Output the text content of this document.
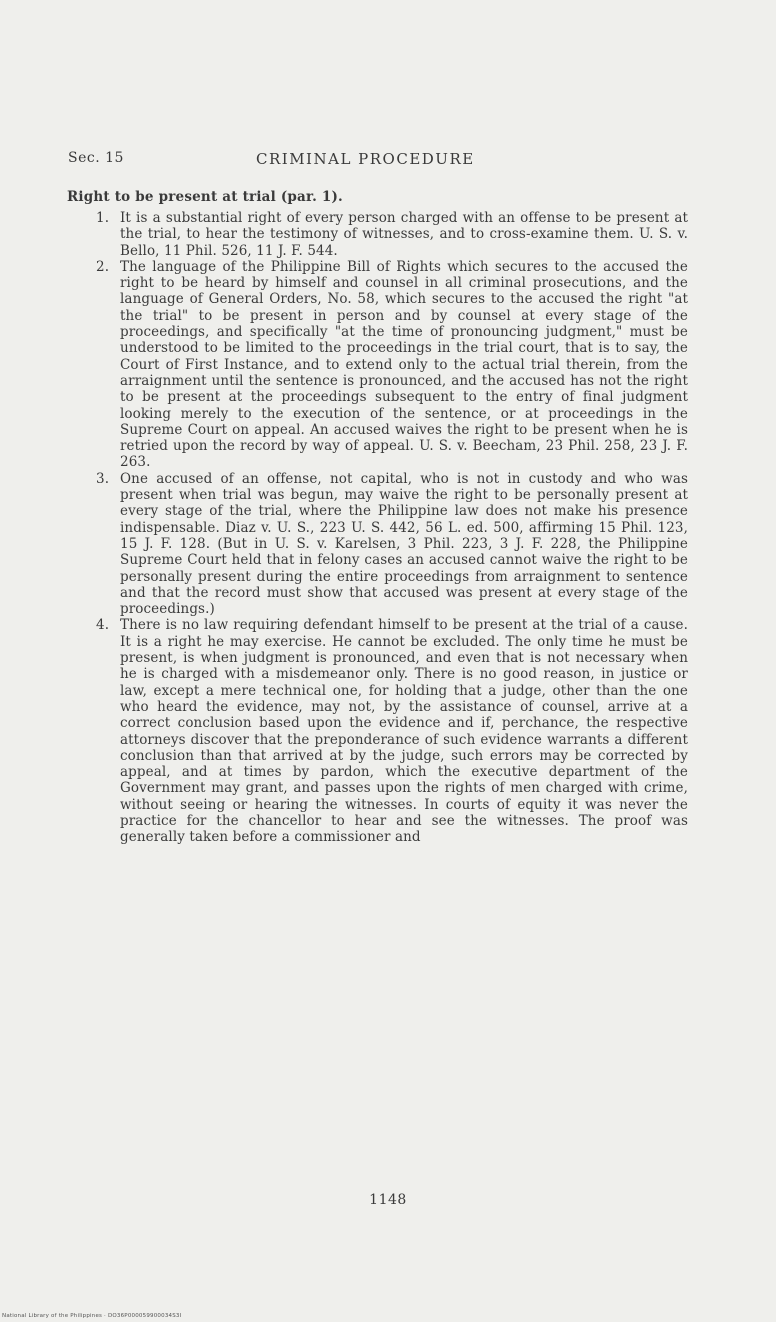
Sec. 15	CRIMINAL PROCEDURE
Right to be present at trial (par. 1).
1. It is a substantial right of every person charged with an offense to be present at the trial, to hear the testimony of witnesses, and to cross-examine them. U. S. v. Bello, 11 Phil. 526, 11 J. F. 544.
2. The language of the Philippine Bill of Rights which secures to the accused the right to be heard by himself and counsel in all criminal prosecutions, and the language of General Orders, No. 58, which secures to the accused the right "at the trial" to be present in person and by counsel at every stage of the proceedings, and specifically "at the time of pronouncing judgment," must be understood to be limited to the proceedings in the trial court, that is to say, the Court of First Instance, and to extend only to the actual trial therein, from the arraignment until the sentence is pronounced, and the accused has not the right to be present at the proceedings subsequent to the entry of final judgment looking merely to the execution of the sentence, or at proceedings in the Supreme Court on appeal. An accused waives the right to be present when he is retried upon the record by way of appeal. U. S. v. Beecham, 23 Phil. 258, 23 J. F. 263.
3. One accused of an offense, not capital, who is not in custody and who was present when trial was begun, may waive the right to be personally present at every stage of the trial, where the Philippine law does not make his presence indispensable. Diaz v. U. S., 223 U. S. 442, 56 L. ed. 500, affirming 15 Phil. 123, 15 J. F. 128. (But in U. S. v. Karelsen, 3 Phil. 223, 3 J. F. 228, the Philippine Supreme Court held that in felony cases an accused cannot waive the right to be personally present during the entire proceedings from arraignment to sentence and that the record must show that accused was present at every stage of the proceedings.)
4. There is no law requiring defendant himself to be present at the trial of a cause. It is a right he may exercise. He cannot be excluded. The only time he must be present, is when judgment is pronounced, and even that is not necessary when he is charged with a misdemeanor only. There is no good reason, in justice or law, except a mere technical one, for holding that a judge, other than the one who heard the evidence, may not, by the assistance of counsel, arrive at a correct conclusion based upon the evidence and if, perchance, the respective attorneys discover that the preponderance of such evidence warrants a different conclusion than that arrived at by the judge, such errors may be corrected by appeal, and at times by pardon, which the executive department of the Government may grant, and passes upon the rights of men charged with crime, without seeing or hearing the witnesses. In courts of equity it was never the practice for the chancellor to hear and see the witnesses. The proof was generally taken before a commissioner and
1148
National Library of the Philippines · DO36P000059900034S3I
